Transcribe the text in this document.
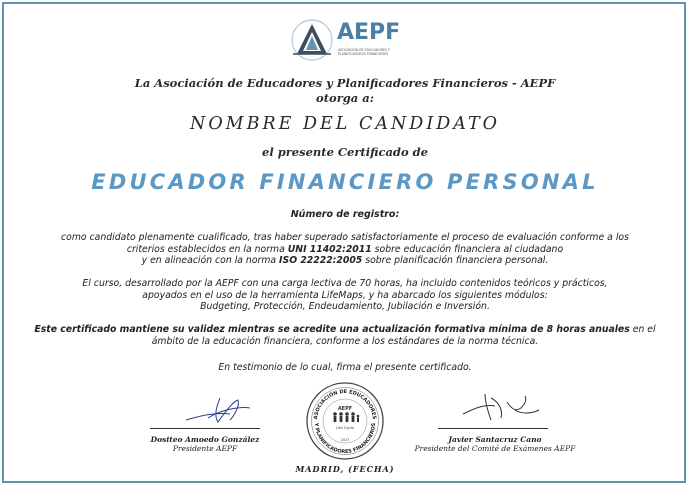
AEPF
ASOCIACIÓN DE EDUCADORES Y PLANIFICADORES FINANCIEROS
La Asociación de Educadores y Planificadores Financieros - AEPF
otorga a:
NOMBRE DEL CANDIDATO
el presente Certificado de
EDUCADOR FINANCIERO PERSONAL
Número de registro:
como candidato plenamente cualificado, tras haber superado satisfactoriamente el proceso de evaluación conforme a los
criterios establecidos en la norma UNI 11402:2011 sobre educación financiera al ciudadano
y en alineación con la norma ISO 22222:2005 sobre planificación financiera personal.
El curso, desarrollado por la AEPF con una carga lectiva de 70 horas, ha incluido contenidos teóricos y prácticos,
apoyados en el uso de la herramienta LifeMaps, y ha abarcado los siguientes módulos:
Budgeting, Protección, Endeudamiento, Jubilación e Inversión.
Este certificado mantiene su validez mientras se acredite una actualización formativa mínima de 8 horas anuales en el
ámbito de la educación financiera, conforme a los estándares de la norma técnica.
En testimonio de lo cual, firma el presente certificado.
Dositeo Amoedo González
Presidente AEPF
ASOCIACIÓN DE EDUCADORES
Y PLANIFICADORES FINANCIEROS
AEPF
Life Cycle
2017	Javier Santacruz Cano
Presidente del Comité de Exámenes AEPF
MADRID, (FECHA)
